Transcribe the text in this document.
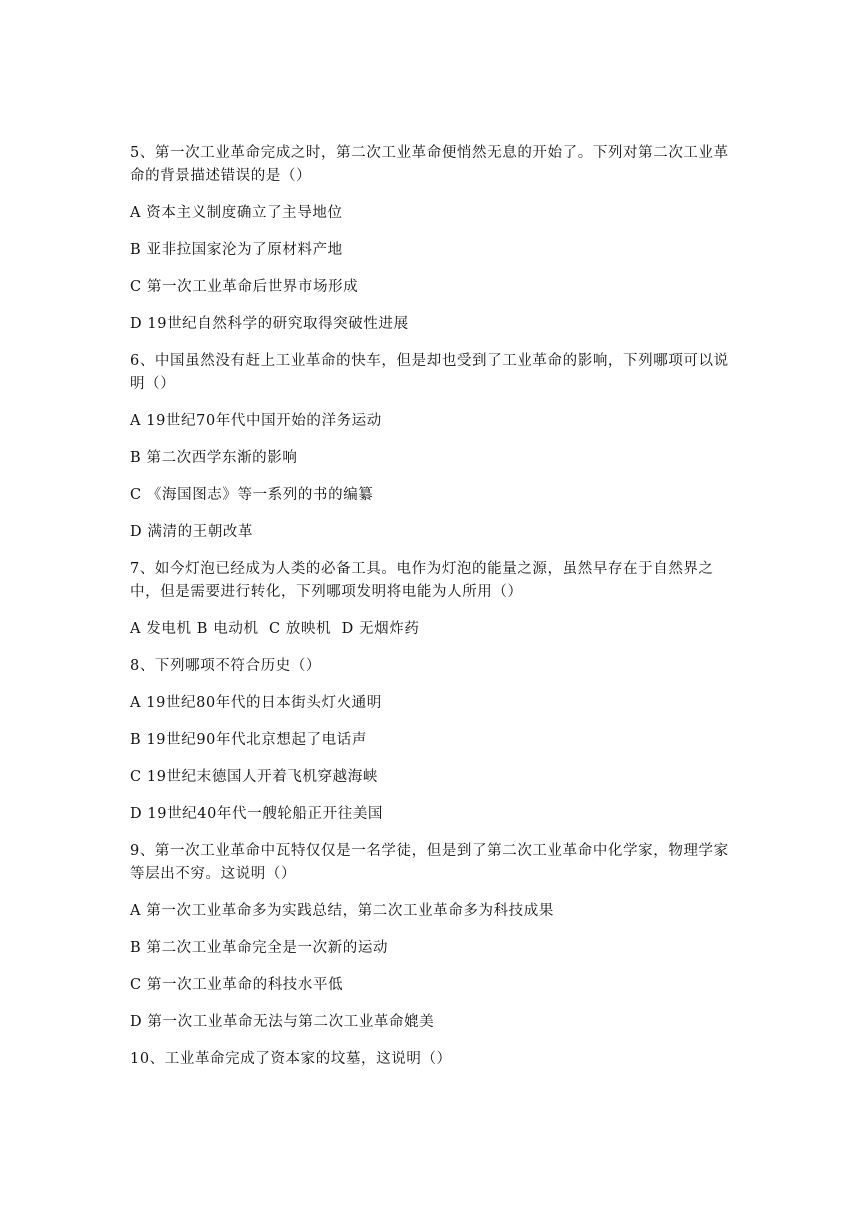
5、第一次工业革命完成之时，第二次工业革命便悄然无息的开始了。下列对第二次工业革命的背景描述错误的是（）

A 资本主义制度确立了主导地位

B 亚非拉国家沦为了原材料产地

C 第一次工业革命后世界市场形成

D 19世纪自然科学的研究取得突破性进展

6、中国虽然没有赶上工业革命的快车，但是却也受到了工业革命的影响，下列哪项可以说明（）

A 19世纪70年代中国开始的洋务运动

B 第二次西学东渐的影响

C 《海国图志》等一系列的书的编纂

D 满清的王朝改革

7、如今灯泡已经成为人类的必备工具。电作为灯泡的能量之源，虽然早存在于自然界之中，但是需要进行转化，下列哪项发明将电能为人所用（）

A 发电机 B 电动机  C 放映机  D 无烟炸药

8、下列哪项不符合历史（）

A 19世纪80年代的日本街头灯火通明

B 19世纪90年代北京想起了电话声

C 19世纪末德国人开着飞机穿越海峡

D 19世纪40年代一艘轮船正开往美国

9、第一次工业革命中瓦特仅仅是一名学徒，但是到了第二次工业革命中化学家，物理学家等层出不穷。这说明（）

A 第一次工业革命多为实践总结，第二次工业革命多为科技成果

B 第二次工业革命完全是一次新的运动

C 第一次工业革命的科技水平低

D 第一次工业革命无法与第二次工业革命媲美

10、工业革命完成了资本家的坟墓，这说明（）
